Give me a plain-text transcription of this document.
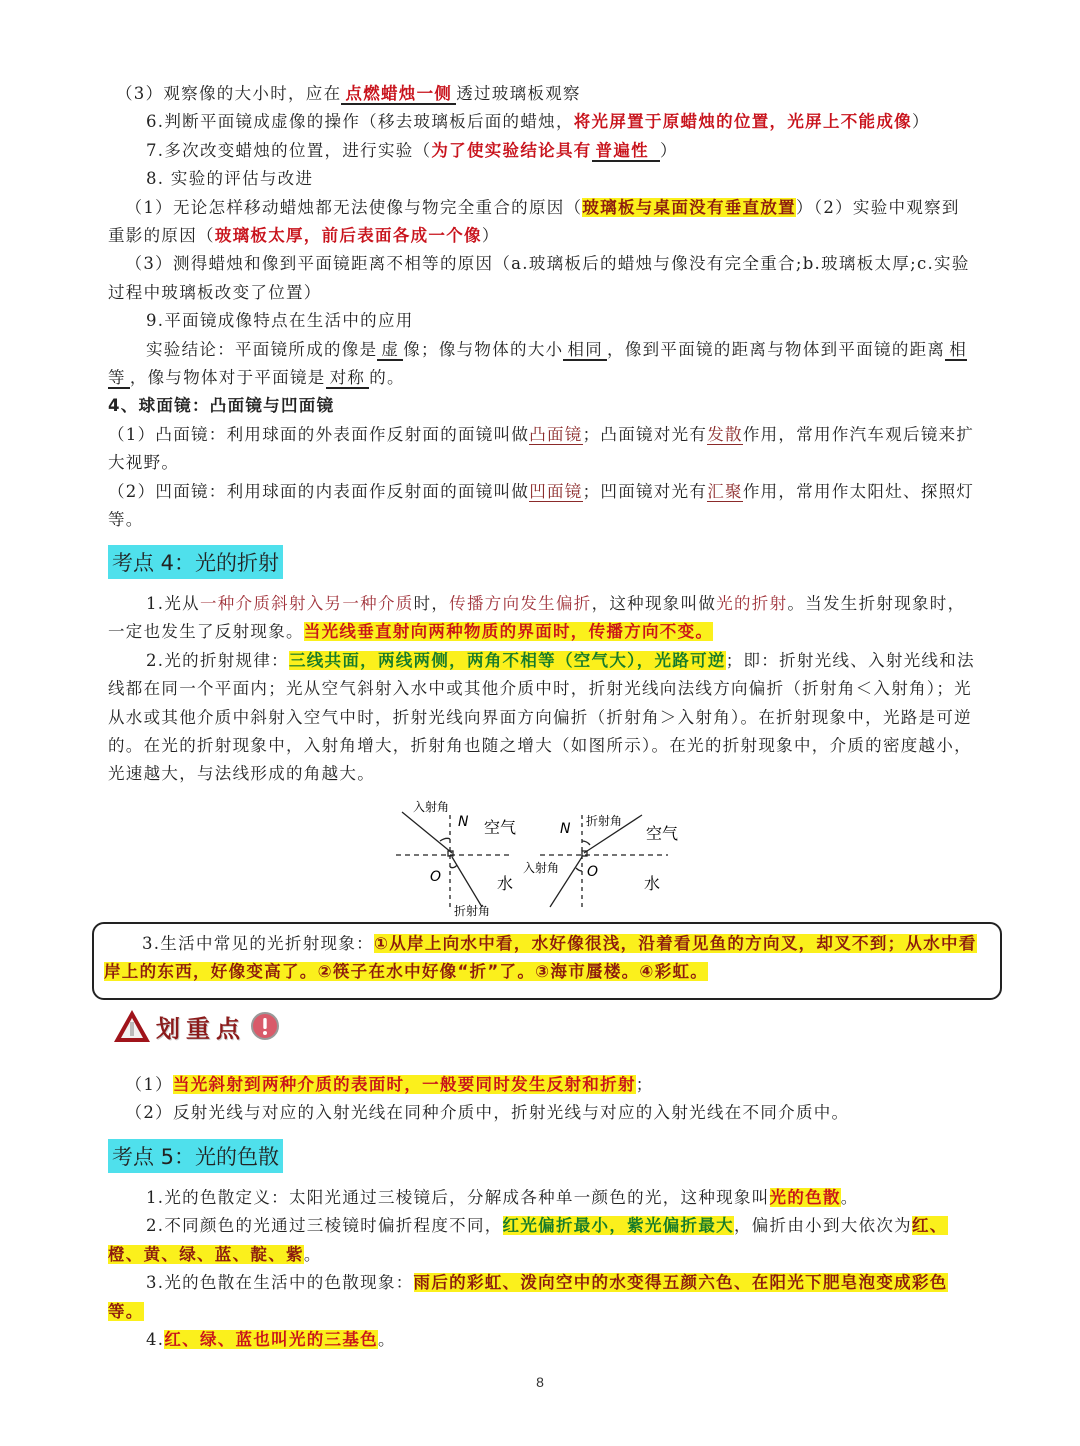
（3）观察像的大小时，应在 点燃蜡烛一侧 透过玻璃板观察

6.判断平面镜成虚像的操作（移去玻璃板后面的蜡烛，将光屏置于原蜡烛的位置，光屏上不能成像）

7.多次改变蜡烛的位置，进行实验（为了使实验结论具有 普遍性 ）

8. 实验的评估与改进

　（1）无论怎样移动蜡烛都无法使像与物完全重合的原因（玻璃板与桌面没有垂直放置）（2）实验中观察到重影的原因（玻璃板太厚，前后表面各成一个像）

　（3）测得蜡烛和像到平面镜距离不相等的原因（a.玻璃板后的蜡烛与像没有完全重合;b.玻璃板太厚;c.实验过程中玻璃板改变了位置）

9.平面镜成像特点在生活中的应用

实验结论：平面镜所成的像是 虚 像；像与物体的大小 相同 ，像到平面镜的距离与物体到平面镜的距离 相等 ，像与物体对于平面镜是 对称 的。

4、球面镜：凸面镜与凹面镜

（1）凸面镜：利用球面的外表面作反射面的面镜叫做凸面镜；凸面镜对光有发散作用，常用作汽车观后镜来扩大视野。

（2）凹面镜：利用球面的内表面作反射面的面镜叫做凹面镜；凹面镜对光有汇聚作用，常用作太阳灶、探照灯等。

考点 4：光的折射

1.光从一种介质斜射入另一种介质时，传播方向发生偏折，这种现象叫做光的折射。当发生折射现象时，一定也发生了反射现象。当光线垂直射向两种物质的界面时，传播方向不变。

2.光的折射规律：三线共面，两线两侧，两角不相等（空气大），光路可逆；即：折射光线、入射光线和法线都在同一个平面内；光从空气斜射入水中或其他介质中时，折射光线向法线方向偏折（折射角＜入射角）；光从水或其他介质中斜射入空气中时，折射光线向界面方向偏折（折射角＞入射角）。在折射现象中，光路是可逆的。在光的折射现象中，入射角增大，折射角也随之增大（如图所示）。在光的折射现象中，介质的密度越小，光速越大，与法线形成的角越大。

入射角
N 空气
O	水
折射角
N 折射角
空气
入射角 O
水

3.生活中常见的光折射现象：①从岸上向水中看，水好像很浅，沿着看见鱼的方向叉，却叉不到；从水中看岸上的东西，好像变高了。②筷子在水中好像“折”了。③海市蜃楼。④彩虹。

划重点

　（1）当光斜射到两种介质的表面时，一般要同时发生反射和折射；

　（2）反射光线与对应的入射光线在同种介质中，折射光线与对应的入射光线在不同介质中。

考点 5：光的色散

1.光的色散定义：太阳光通过三棱镜后，分解成各种单一颜色的光，这种现象叫光的色散。

2.不同颜色的光通过三棱镜时偏折程度不同，红光偏折最小，紫光偏折最大，偏折由小到大依次为红、橙、黄、绿、蓝、靛、紫。

3.光的色散在生活中的色散现象：雨后的彩虹、泼向空中的水变得五颜六色、在阳光下肥皂泡变成彩色等。

4.红、绿、蓝也叫光的三基色。

8
